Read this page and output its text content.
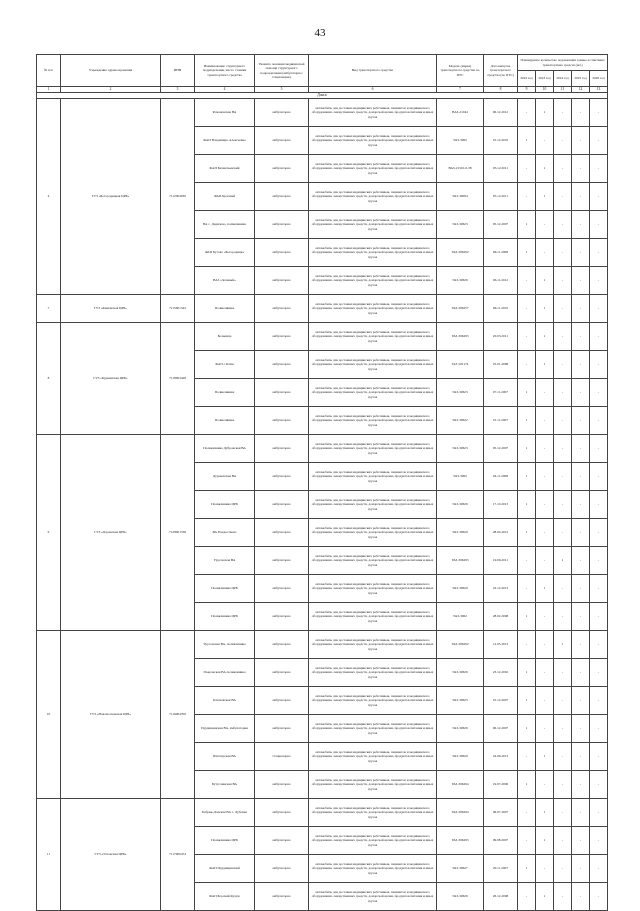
43
№ п/п	Учреждение здравоохранения	ИНН	Наименование структурного подразделения, место стоянки транспортного средства	Укажите оказания медицинской помощи структурного подразделения (амбулаторно/стационарно)	Вид транспортного средства	Модель (марка) транспортного средства по ПТС	Дата выпуска транспортного средства (по ПТС)	Планируемое количество подлежащих замене и списанию транспортных средств (шт.)				
								2022 год	2023 год	2024 год	2025 год	2026 год
1	2	3	4	5	6	7	8	9	10	11	12	13
Донск												
4	ГУЗ «Богородицкая ЦРБ»	7112004030	Романовская ВА	амбулаторно	автомобиль для доставки медицинских работников, пациентов и медицинского оборудования, лекарственных средств, донорской крови, продуктов питания и иных грузов	ВАЗ-21044	06.12.2012	-	1	-	-	-
			ФАП Владимиро-Алексеевка	амбулаторно	автомобиль для доставки медицинских работников, пациентов и медицинского оборудования, лекарственных средств, донорской крови, продуктов питания и иных грузов	УАЗ-3962	01.12.2010	1	-	-	-	-
			ФАП Бахметьевский	амбулаторно	автомобиль для доставки медицинских работников, пациентов и медицинского оборудования, лекарственных средств, донорской крови, продуктов питания и иных грузов	ВАЗ-21310-0-38	05.12.2011	-	1	-	-	-
			ФАП Красный	амбулаторно	автомобиль для доставки медицинских работников, пациентов и медицинского оборудования, лекарственных средств, донорской крови, продуктов питания и иных грузов	УАЗ-39094	05.12.2011	-	1	-	-	-
			ВА с. Дедилово, поликлиника	амбулаторно	автомобиль для доставки медицинских работников, пациентов и медицинского оборудования, лекарственных средств, донорской крови, продуктов питания и иных грузов	УАЗ-39623	05.12.2007	1	-	-	-	-
			ФАП Бутово «Богородицк»	амбулаторно	автомобиль для доставки медицинских работников, пациентов и медицинского оборудования, лекарственных средств, донорской крови, продуктов питания и иных грузов	УАЗ-396292	06.11.2008	1	-	-	-	-
			ВАЗ «Зеленый»	амбулаторно	автомобиль для доставки медицинских работников, пациентов и медицинского оборудования, лекарственных средств, донорской крови, продуктов питания и иных грузов	УАЗ-39629	06.11.2012	-	1	-	-	-
7	ГУЗ «Кимовская ЦРБ»	7115001542	Поликлиника	амбулаторно	автомобиль для доставки медицинских работников, пациентов и медицинского оборудования, лекарственных средств, донорской крови, продуктов питания и иных грузов	УАЗ-396257	06.11.2010	-	1	-	-	-
8	ГУЗ «Куркинская ЦРБ»	7118003428	Больница	амбулаторно	автомобиль для доставки медицинских работников, пациентов и медицинского оборудования, лекарственных средств, донорской крови, продуктов питания и иных грузов	УАЗ-396295	20.05.2011	-	1	-	-	-
			ФАП с.Клин	амбулаторно	автомобиль для доставки медицинских работников, пациентов и медицинского оборудования, лекарственных средств, донорской крови, продуктов питания и иных грузов	ГАЗ 322174	25.01.2008	-	1	-	-	-
			Поликлиника	амбулаторно	автомобиль для доставки медицинских работников, пациентов и медицинского оборудования, лекарственных средств, донорской крови, продуктов питания и иных грузов	УАЗ-39623	07.11.2007	1	-	-	-	-
			Поликлиника	амбулаторно	автомобиль для доставки медицинских работников, пациентов и медицинского оборудования, лекарственных средств, донорской крови, продуктов питания и иных грузов	УАЗ-39622	01.11.2007	1	-	-	-	-
9	ГУЗ «Одоевская ЦРБ»	7128001336	Поликлиника Дубровская ВА	амбулаторно	автомобиль для доставки медицинских работников, пациентов и медицинского оборудования, лекарственных средств, донорской крови, продуктов питания и иных грузов	УАЗ-39623	05.12.2007	1	-	-	-	-
			Дураковская ВА	амбулаторно	автомобиль для доставки медицинских работников, пациентов и медицинского оборудования, лекарственных средств, донорской крови, продуктов питания и иных грузов	УАЗ-3962	04.11.2008	1	-	-	-	-
			Поликлиника ЦРБ	амбулаторно	автомобиль для доставки медицинских работников, пациентов и медицинского оборудования, лекарственных средств, донорской крови, продуктов питания и иных грузов	УАЗ-39629	17.10.2013	1	-	-	-	-
			ВА Рождествено	амбулаторно	автомобиль для доставки медицинских работников, пациентов и медицинского оборудования, лекарственных средств, донорской крови, продуктов питания и иных грузов	УАЗ-39629	28.04.2012	1	-	-	-	-
			Урусовская ВА	амбулаторно	автомобиль для доставки медицинских работников, пациентов и медицинского оборудования, лекарственных средств, донорской крови, продуктов питания и иных грузов	УАЗ-396295	19.06.2011	-	-	1	-	-
			Поликлиника ЦРБ	амбулаторно	автомобиль для доставки медицинских работников, пациентов и медицинского оборудования, лекарственных средств, донорской крови, продуктов питания и иных грузов	УАЗ-39629	22.12.2013	-	1	-	-	-
			Поликлиника ЦРБ	амбулаторно	автомобиль для доставки медицинских работников, пациентов и медицинского оборудования, лекарственных средств, донорской крови, продуктов питания и иных грузов	УАЗ-3962	28.02.2008	1	-	-	-	-
10	ГУЗ «Новомосковская ЦРБ»	7116004706	Урусовская ВА, поликлиника	амбулаторно	автомобиль для доставки медицинских работников, пациентов и медицинского оборудования, лекарственных средств, донорской крови, продуктов питания и иных грузов	УАЗ-396292	12.05.2013	-	-	1	-	-
			Покровская ВА поликлиника	амбулаторно	автомобиль для доставки медицинских работников, пациентов и медицинского оборудования, лекарственных средств, донорской крови, продуктов питания и иных грузов	УАЗ-39629	23.12.2002	1	-	-	-	-
			Ключевская ВА	амбулаторно	автомобиль для доставки медицинских работников, пациентов и медицинского оборудования, лекарственных средств, донорской крови, продуктов питания и иных грузов	УАЗ-39623	01.12.2007	1	-	-	-	-
			Прудищинская ВА, амбулатория	амбулаторно	автомобиль для доставки медицинских работников, пациентов и медицинского оборудования, лекарственных средств, донорской крови, продуктов питания и иных грузов	УАЗ-39629	06.12.2007	1	-	-	-	-
			Шахтерская ВА	стационарно	автомобиль для доставки медицинских работников, пациентов и медицинского оборудования, лекарственных средств, донорской крови, продуктов питания и иных грузов	УАЗ-39629	24.06.2013	-	1	-	-	-
			Бутуслинская ВА	амбулаторно	автомобиль для доставки медицинских работников, пациентов и медицинского оборудования, лекарственных средств, донорской крови, продуктов питания и иных грузов	УАЗ-396294	19.07.2006	1	-	-	-	-
11	ГУЗ «Узловская ЦРБ»	7117000474	Бобрик-Донская ВА с. Дубовка	амбулаторно	автомобиль для доставки медицинских работников, пациентов и медицинского оборудования, лекарственных средств, донорской крови, продуктов питания и иных грузов	УАЗ-396294	09.07.2007	-	1	-	-	-
			Поликлиника ЦРБ	амбулаторно	автомобиль для доставки медицинских работников, пациентов и медицинского оборудования, лекарственных средств, донорской крови, продуктов питания и иных грузов	УАЗ-396295	09.08.2007	-	1	-	-	-
			ФАП Прудищинский	амбулаторно	автомобиль для доставки медицинских работников, пациентов и медицинского оборудования, лекарственных средств, донорской крови, продуктов питания и иных грузов	УАЗ-39627	20.11.2007	1	-	-	-	-
			ФАП Борский Кулуж	амбулаторно	автомобиль для доставки медицинских работников, пациентов и медицинского оборудования, лекарственных средств, донорской крови, продуктов питания и иных грузов	УАЗ-39629	26.12.2008	-	1	-	-	-
